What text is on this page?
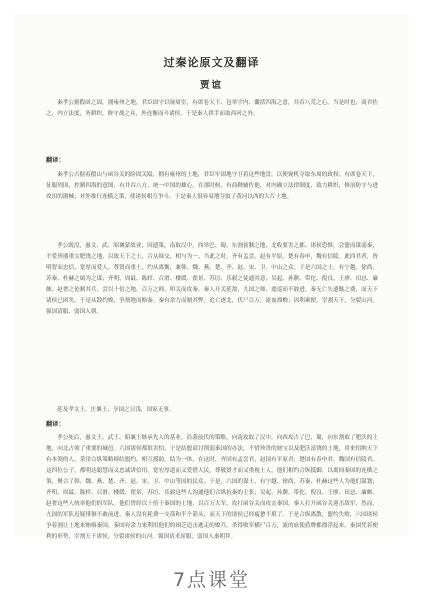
过秦论原文及翻译
贾谊

秦孝公据殽函之固，拥雍州之地，君臣固守以窥周室，有席卷天下、包举宇内、囊括四海之意，并吞八荒之心。当是时也，商君佐之，内立法度，务耕织，修守战之具，外连衡而斗诸侯。于是秦人拱手而取西河之外。

翻译：

秦孝公占据着殽山与函谷关的险固关隘，拥有雍州的土地，君臣牢固地守卫着这些地盘，以便窥机夺取东周的政权；有席卷天下，征服列国，控制四海的意图，有并吞八方，统一中国的雄心。在那时候，有商鞅辅佐他，对内确立法律制度，致力耕织，修治防守与进攻用的器械；对外推行连横之策，使诸侯相互争斗。于是秦人很容易地夺取了黄河以西的大片土地。

孝公既没，惠文、武、昭襄蒙故业，因遗策，南取汉中，西举巴、蜀，东割膏腴之地，北收要害之郡。诸侯恐惧，会盟而谋弱秦，不爱珍器重宝肥饶之地，以致天下之士，合从缔交，相与为一。当此之时，齐有孟尝，赵有平原，楚有春申，魏有信陵。此四君者，皆明智而忠信，宽厚而爱人，尊贤而重士，约从离衡，兼韩、魏、燕、楚、齐、赵、宋、卫、中山之众。于是六国之士，有宁越、徐尚、苏秦、杜赫之属为之谋；齐明、周最、陈轸、召滑、楼缓、翟景、苏厉、乐毅之徒通其意；吴起、孙膑、带佗、倪良、王廖、田忌、廉颇、赵奢之伦制其兵。尝以十倍之地，百万之师，叩关而攻秦。秦人开关延敌，九国之师，逡巡而不敢进。秦无亡矢遗镞之费，而天下诸侯已困矣。于是从散约败，争割地而赂秦。秦有余力而制其弊，追亡逐北，伏尸百万，流血漂橹；因利乘便，宰割天下，分裂山河。强国请服，弱国入朝。

延及孝文王、庄襄王，享国之日浅，国家无事。

翻译：

孝公死后，惠文王、武王、昭襄王继承先人的基业，沿袭前代的策略，向南攻取了汉中，向西攻占了巴、蜀，向东割取了肥沃的土地，向北占领了重要的城邑。六国诸侯都很害怕，于是结盟商讨削弱秦国的办法，不惜珍贵的财宝以及肥沃富饶的土地，用来招纳天下有本领的人，采用合纵策略缔结盟约，相互援助，结为一体。在这时，齐国有孟尝君，赵国有平原君，楚国有春申君，魏国有信陵君。这四位公子，都明达聪慧而又忠诚讲信用，宽宏厚道而又爱惜人民，尊敬贤才而又重视士人，他们相约合纵抵御，以离间秦国的连横之策，聚合了韩、魏、燕、楚、齐、赵、宋、卫、中山等国的民众。于是，六国的谋士，有宁越、徐尚、苏秦、杜赫这些人为他们谋划；齐明、周最、陈轸、召滑、楼缓、翟景、苏厉、乐毅这些人沟通他们合纵抗秦的主张；吴起、孙膑、带佗、倪良、王廖、田忌、廉颇、赵奢这些人统率他们的军队。他们曾经以十倍于秦国的土地，以百万大军，攻打函谷关而攻击秦国。秦人打开函谷关迎击敌军，然而，九国的军队迟疑徘徊不敢前进。秦人没有耗费一支箭和半个箭头，而天下的诸侯已经疲惫不堪了。于是合纵离散，盟约失败，六国诸侯争着割让土地来贿赂秦国。秦国有余力来利用他们的困乏追击逃走的败兵，杀得败军横尸百万，流的血使盾牌都漂浮起来。秦国凭着便利的形势，宰割天下诸侯，分裂诸侯的山河。强国请求屈服，弱国入秦朝拜。

7点课堂
